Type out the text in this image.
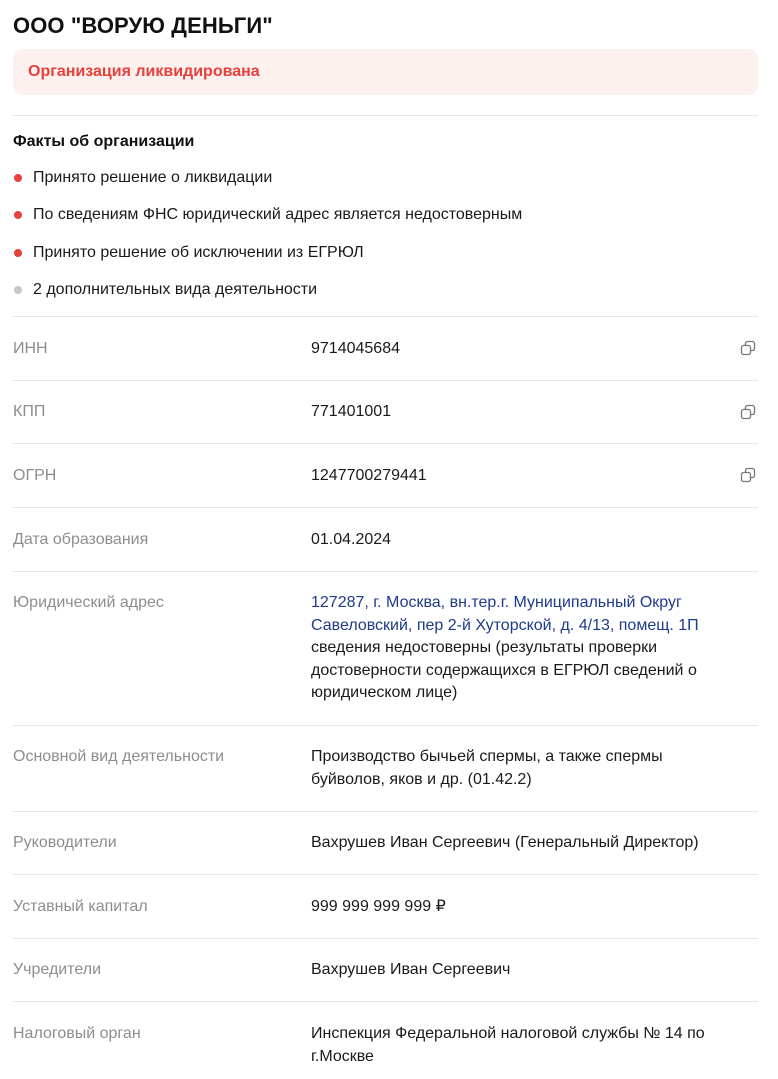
ООО "ВОРУЮ ДЕНЬГИ"
Организация ликвидирована
Факты об организации
Принято решение о ликвидации
По сведениям ФНС юридический адрес является недостоверным
Принято решение об исключении из ЕГРЮЛ
2 дополнительных вида деятельности
ИНН	9714045684
КПП	771401001
ОГРН	1247700279441
Дата образования	01.04.2024
Юридический адрес	127287, г. Москва, вн.тер.г. Муниципальный Округ Савеловский, пер 2-й Хуторской, д. 4/13, помещ. 1П
сведения недостоверны (результаты проверки достоверности содержащихся в ЕГРЮЛ сведений о юридическом лице)
Основной вид деятельности	Производство бычьей спермы, а также спермы буйволов, яков и др. (01.42.2)
Руководители	Вахрушев Иван Сергеевич (Генеральный Директор)
Уставный капитал	999 999 999 999 ₽
Учредители	Вахрушев Иван Сергеевич
Налоговый орган	Инспекция Федеральной налоговой службы № 14 по г.Москве
